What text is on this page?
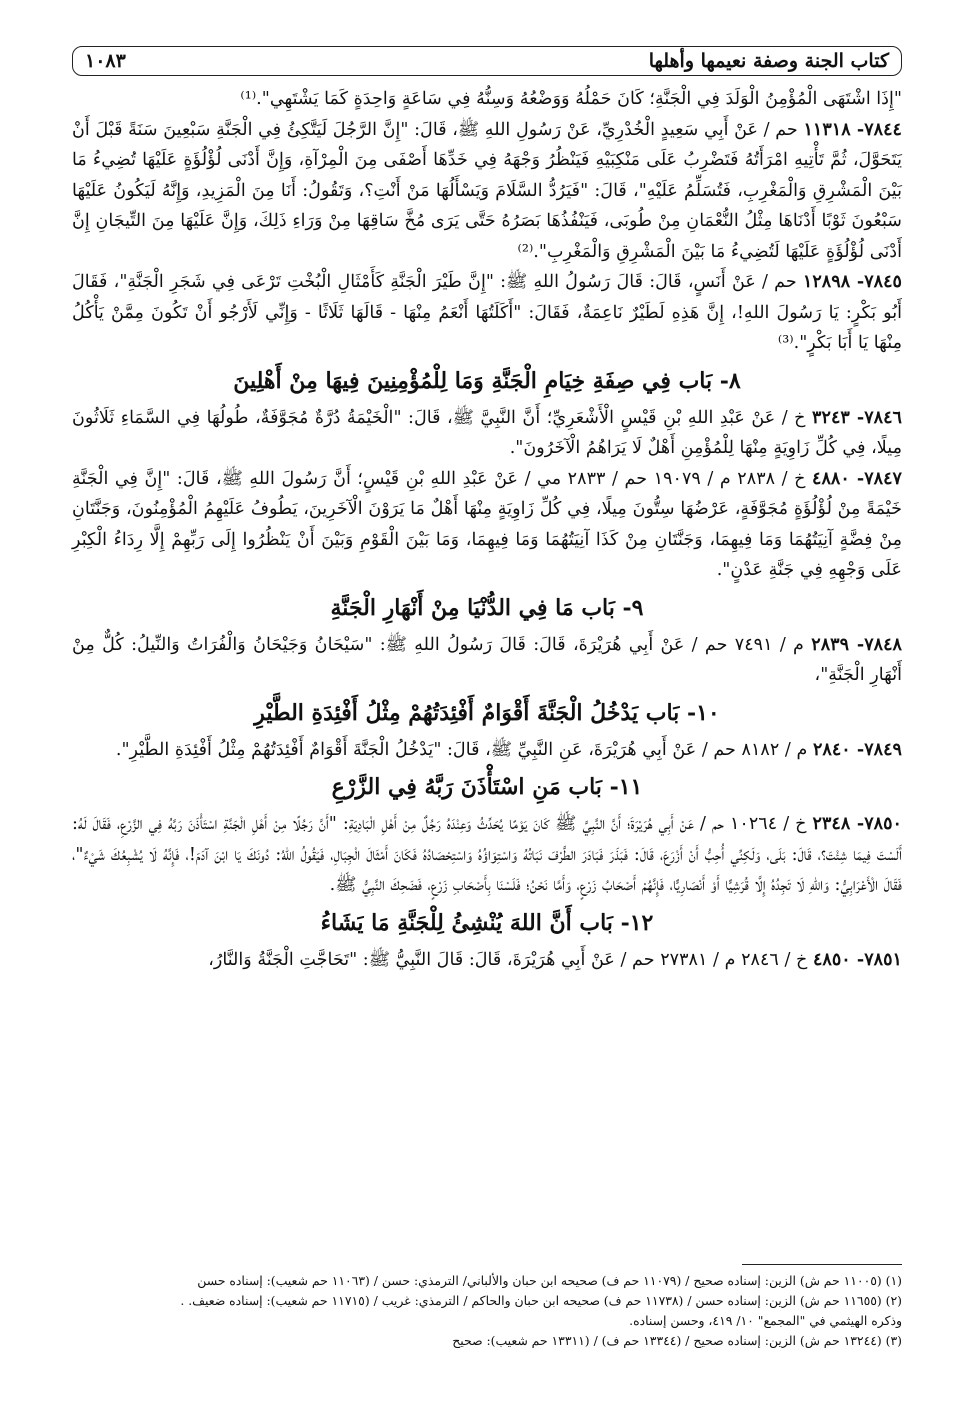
كتاب الجنة وصفة نعيمها وأهلها
١٠٨٣

"إِذَا اشْتَهَى الْمُؤْمِنُ الْوَلَدَ فِي الْجَنَّةِ؛ كَانَ حَمْلُهُ وَوَضْعُهُ وَسِنُّهُ فِي سَاعَةٍ وَاحِدَةٍ كَمَا يَشْتَهِي".⁽¹⁾

٧٨٤٤- ١١٣١٨ حم / عَنْ أَبِي سَعِيدٍ الْخُدْرِيِّ، عَنْ رَسُولِ اللهِ ﷺ، قَالَ: "إِنَّ الرَّجُلَ لَيَتَّكِئُ فِي الْجَنَّةِ سَبْعِينَ سَنَةً قَبْلَ أَنْ يَتَحَوَّلَ، ثُمَّ تَأْتِيهِ امْرَأَتُهُ فَتَضْرِبُ عَلَى مَنْكِبَيْهِ فَيَنْظُرُ وَجْهَهُ فِي خَدِّهَا أَصْفَى مِنَ الْمِرْآةِ، وَإِنَّ أَدْنَى لُؤْلُؤَةٍ عَلَيْهَا تُضِيءُ مَا بَيْنَ الْمَشْرِقِ وَالْمَغْرِبِ، فَتُسَلِّمُ عَلَيْهِ"، قَالَ: "فَيَرُدُّ السَّلَامَ وَيَسْأَلُهَا مَنْ أَنْتِ؟، وَتَقُولُ: أَنَا مِنَ الْمَزِيدِ، وَإِنَّهُ لَيَكُونُ عَلَيْهَا سَبْعُونَ ثَوْبًا أَدْنَاهَا مِثْلُ النُّعْمَانِ مِنْ طُوبَى، فَيَنْفُذُهَا بَصَرُهُ حَتَّى يَرَى مُخَّ سَاقِهَا مِنْ وَرَاءِ ذَلِكَ، وَإِنَّ عَلَيْهَا مِنَ التِّيجَانِ إِنَّ أَدْنَى لُؤْلُؤَةٍ عَلَيْهَا لَتُضِيءُ مَا بَيْنَ الْمَشْرِقِ وَالْمَغْرِبِ".⁽²⁾

٧٨٤٥- ١٢٨٩٨ حم / عَنْ أَنَسٍ، قَالَ: قَالَ رَسُولُ اللهِ ﷺ: "إِنَّ طَيْرَ الْجَنَّةِ كَأَمْثَالِ الْبُخْتِ تَرْعَى فِي شَجَرِ الْجَنَّةِ"، فَقَالَ أَبُو بَكْرٍ: يَا رَسُولَ اللهِ!، إِنَّ هَذِهِ لَطَيْرٌ نَاعِمَةٌ، فَقَالَ: "أَكَلَتُهَا أَنْعَمُ مِنْهَا - قَالَهَا ثَلَاثًا - وَإِنِّي لَأَرْجُو أَنْ تَكُونَ مِمَّنْ يَأْكُلُ مِنْهَا يَا أَبَا بَكْرٍ".⁽³⁾

٨- بَاب فِي صِفَةِ خِيَامِ الْجَنَّةِ وَمَا لِلْمُؤْمِنِينَ فِيهَا مِنْ أَهْلِينَ

٧٨٤٦- ٣٢٤٣ خ / عَنْ عَبْدِ اللهِ بْنِ قَيْسٍ الْأَشْعَرِيِّ؛ أَنَّ النَّبِيَّ ﷺ، قَالَ: "الْخَيْمَةُ دُرَّةٌ مُجَوَّفَةٌ، طُولُهَا فِي السَّمَاءِ ثَلَاثُونَ مِيلًا، فِي كُلِّ زَاوِيَةٍ مِنْهَا لِلْمُؤْمِنِ أَهْلٌ لَا يَرَاهُمُ الْآخَرُونَ".

٧٨٤٧- ٤٨٨٠ خ / ٢٨٣٨ م / ١٩٠٧٩ حم / ٢٨٣٣ مي / عَنْ عَبْدِ اللهِ بْنِ قَيْسٍ؛ أَنَّ رَسُولَ اللهِ ﷺ، قَالَ: "إِنَّ فِي الْجَنَّةِ خَيْمَةً مِنْ لُؤْلُؤَةٍ مُجَوَّفَةٍ، عَرْضُهَا سِتُّونَ مِيلًا، فِي كُلِّ زَاوِيَةٍ مِنْهَا أَهْلٌ مَا يَرَوْنَ الْآخَرِينَ، يَطُوفُ عَلَيْهِمُ الْمُؤْمِنُونَ، وَجَنَّتَانِ مِنْ فِضَّةٍ آنِيَتُهُمَا وَمَا فِيهِمَا، وَجَنَّتَانِ مِنْ كَذَا آنِيَتُهُمَا وَمَا فِيهِمَا، وَمَا بَيْنَ الْقَوْمِ وَبَيْنَ أَنْ يَنْظُرُوا إِلَى رَبِّهِمْ إِلَّا رِدَاءُ الْكِبْرِ عَلَى وَجْهِهِ فِي جَنَّةِ عَدْنٍ".

٩- بَاب مَا فِي الدُّنْيَا مِنْ أَنْهَارِ الْجَنَّةِ

٧٨٤٨- ٢٨٣٩ م / ٧٤٩١ حم / عَنْ أَبِي هُرَيْرَةَ، قَالَ: قَالَ رَسُولُ اللهِ ﷺ: "سَيْحَانُ وَجَيْحَانُ وَالْفُرَاتُ وَالنِّيلُ: كُلٌّ مِنْ أَنْهَارِ الْجَنَّةِ"،

١٠- بَاب يَدْخُلُ الْجَنَّةَ أَقْوَامٌ أَفْئِدَتُهُمْ مِثْلُ أَفْئِدَةِ الطَّيْرِ

٧٨٤٩- ٢٨٤٠ م / ٨١٨٢ حم / عَنْ أَبِي هُرَيْرَةَ، عَنِ النَّبِيِّ ﷺ، قَالَ: "يَدْخُلُ الْجَنَّةَ أَقْوَامٌ أَفْئِدَتُهُمْ مِثْلُ أَفْئِدَةِ الطَّيْرِ".

١١- بَاب مَنِ اسْتَأْذَنَ رَبَّهُ فِي الزَّرْعِ

٧٨٥٠- ٢٣٤٨ خ / ١٠٢٦٤ حم / عَنْ أَبِي هُرَيْرَةَ؛ أَنَّ النَّبِيَّ ﷺ كَانَ يَوْمًا يُحَدِّثُ وَعِنْدَهُ رَجُلٌ مِنْ أَهْلِ الْبَادِيَةِ: "أَنَّ رَجُلًا مِنْ أَهْلِ الْجَنَّةِ اسْتَأْذَنَ رَبَّهُ فِي الزَّرْعِ، فَقَالَ لَهُ: أَلَسْتَ فِيمَا شِئْتَ؟، قَالَ: بَلَى، وَلَكِنِّي أُحِبُّ أَنْ أَزْرَعَ، قَالَ: فَبَذَرَ فَبَادَرَ الطَّرْفَ نَبَاتُهُ وَاسْتِوَاؤُهُ وَاسْتِحْصَادُهُ فَكَانَ أَمْثَالَ الْجِبَالِ، فَيَقُولُ اللهُ: دُونَكَ يَا ابْنَ آدَمَ!، فَإِنَّهُ لَا يُشْبِعُكَ شَيْءٌ"، فَقَالَ الْأَعْرَابِيُّ: وَاللهِ لَا تَجِدُهُ إِلَّا قُرَشِيًّا أَوْ أَنْصَارِيًّا، فَإِنَّهُمْ أَصْحَابُ زَرْعٍ، وَأَمَّا نَحْنُ؛ فَلَسْنَا بِأَصْحَابِ زَرْعٍ، فَضَحِكَ النَّبِيُّ ﷺ.

١٢- بَاب أَنَّ اللهَ يُنْشِئُ لِلْجَنَّةِ مَا يَشَاءُ

٧٨٥١- ٤٨٥٠ خ / ٢٨٤٦ م / ٢٧٣٨١ حم / عَنْ أَبِي هُرَيْرَةَ، قَالَ: قَالَ النَّبِيُّ ﷺ: "تَحَاجَّتِ الْجَنَّةُ وَالنَّارُ،

(١) (١١٠٠٥ حم ش) الزين: إسناده صحيح / (١١٠٧٩ حم ف) صحيحه ابن حبان والألباني/ الترمذي: حسن / (١١٠٦٣ حم شعيب): إسناده حسن

(٢) (١١٦٥٥ حم ش) الزين: إسناده حسن / (١١٧٣٨ حم ف) صحيحه ابن حبان والحاكم / الترمذي: غريب / (١١٧١٥ حم شعيب): إسناده ضعيف. .

وذكره الهيثمي في "المجمع" ١٠/ ٤١٩، وحسن إسناده.

(٣) (١٣٢٤٤ حم ش) الزين: إسناده صحيح / (١٣٣٤٤ حم ف) / (١٣٣١١ حم شعيب): صحيح
